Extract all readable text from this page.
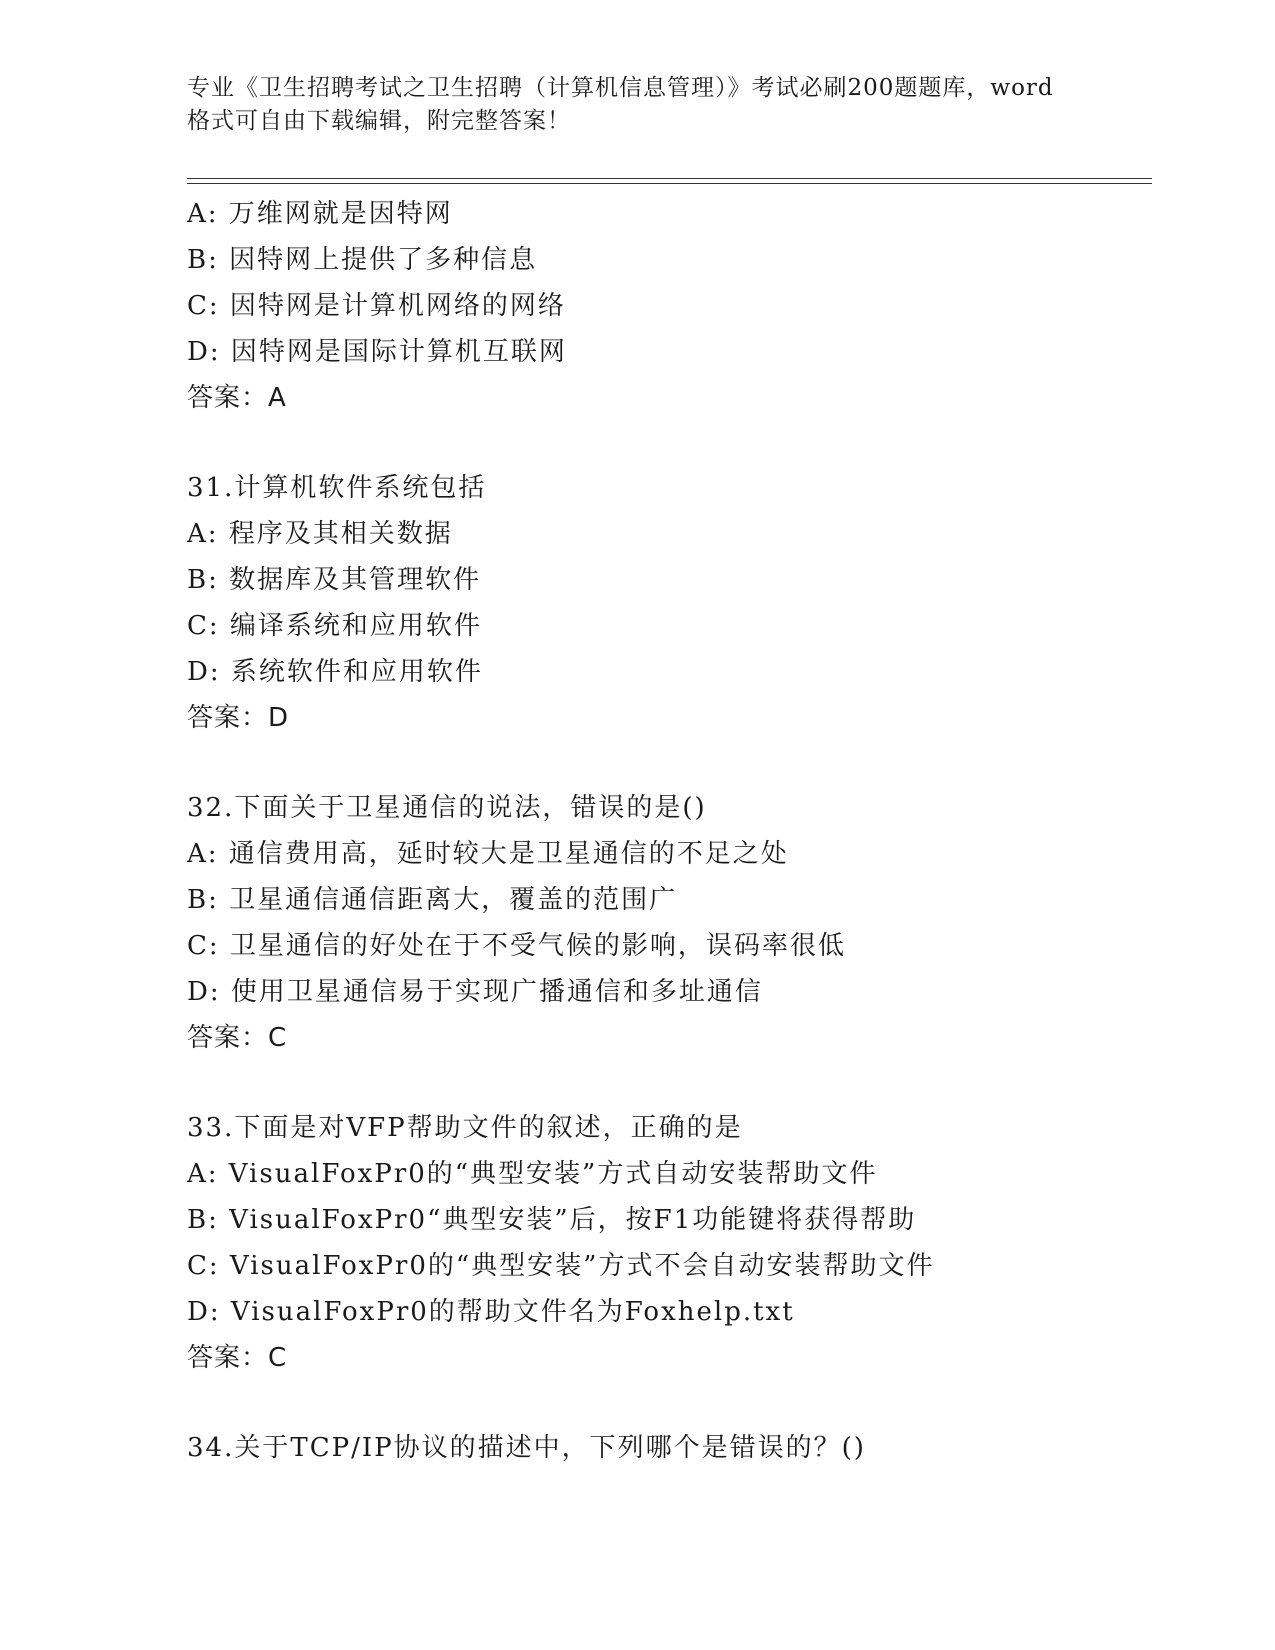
专业《卫生招聘考试之卫生招聘（计算机信息管理）》考试必刷200题题库，word
格式可自由下载编辑，附完整答案！
A: 万维网就是因特网
B: 因特网上提供了多种信息
C: 因特网是计算机网络的网络
D: 因特网是国际计算机互联网
答案：A
31.计算机软件系统包括
A: 程序及其相关数据
B: 数据库及其管理软件
C: 编译系统和应用软件
D: 系统软件和应用软件
答案：D
32.下面关于卫星通信的说法，错误的是()
A: 通信费用高，延时较大是卫星通信的不足之处
B: 卫星通信通信距离大，覆盖的范围广
C: 卫星通信的好处在于不受气候的影响，误码率很低
D: 使用卫星通信易于实现广播通信和多址通信
答案：C
33.下面是对VFP帮助文件的叙述，正确的是
A: VisualFoxPr0的“典型安装”方式自动安装帮助文件
B: VisualFoxPr0“典型安装”后，按F1功能键将获得帮助
C: VisualFoxPr0的“典型安装”方式不会自动安装帮助文件
D: VisualFoxPr0的帮助文件名为Foxhelp.txt
答案：C
34.关于TCP/IP协议的描述中，下列哪个是错误的？()
